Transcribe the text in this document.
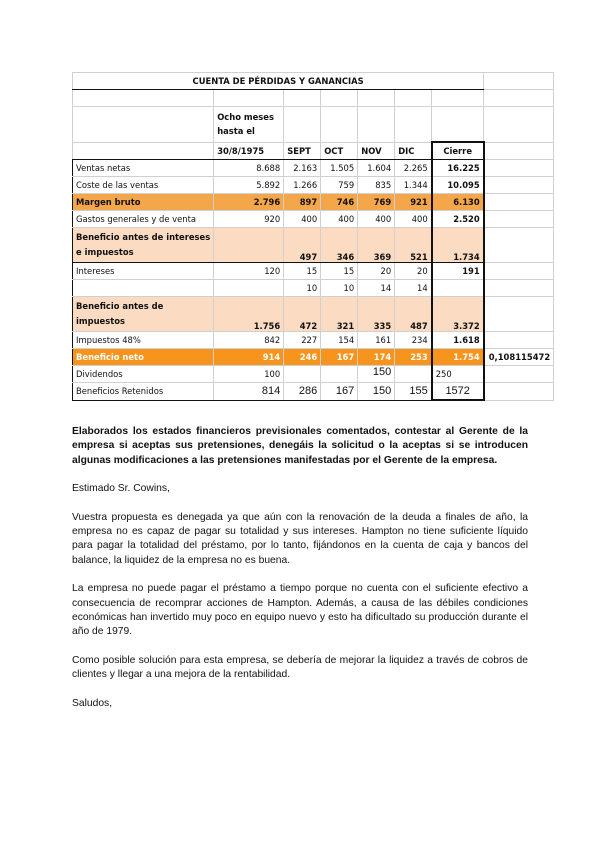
CUENTA DE PÉRDIDAS Y GANANCIAS							

	Ocho meses
hasta el						
	30/8/1975	SEPT	OCT	NOV	DIC	Cierre	
Ventas netas	8.688	2.163	1.505	1.604	2.265	16.225	
Coste de las ventas	5.892	1.266	759	835	1.344	10.095	
Margen bruto	2.796	897	746	769	921	6.130	
Gastos generales y de venta	920	400	400	400	400	2.520	
Beneficio antes de intereses
e impuestos		497	346	369	521	1.734	
Intereses	120	15	15	20	20	191	
		10	10	14	14		
Beneficio antes de
impuestos	1.756	472	321	335	487	3.372	
Impuestos 48%	842	227	154	161	234	1.618	
Beneficio neto	914	246	167	174	253	1.754	0,108115472
Dividendos	100			150		250	
Beneficios Retenidos	814	286	167	150	155	1572	

Elaborados los estados financieros previsionales comentados, contestar al Gerente de la empresa si aceptas sus pretensiones, denegáis la solicitud o la aceptas si se introducen algunas modificaciones a las pretensiones manifestadas por el Gerente de la empresa.

Estimado Sr. Cowins,

Vuestra propuesta es denegada ya que aún con la renovación de la deuda a finales de año, la empresa no es capaz de pagar su totalidad y sus intereses. Hampton no tiene suficiente líquido para pagar la totalidad del préstamo, por lo tanto, fijándonos en la cuenta de caja y bancos del balance, la liquidez de la empresa no es buena.

La empresa no puede pagar el préstamo a tiempo porque no cuenta con el suficiente efectivo a consecuencia de recomprar acciones de Hampton. Además, a causa de las débiles condiciones económicas han invertido muy poco en equipo nuevo y esto ha dificultado su producción durante el año de 1979.

Como posible solución para esta empresa, se debería de mejorar la liquidez a través de cobros de clientes y llegar a una mejora de la rentabilidad.

Saludos,
